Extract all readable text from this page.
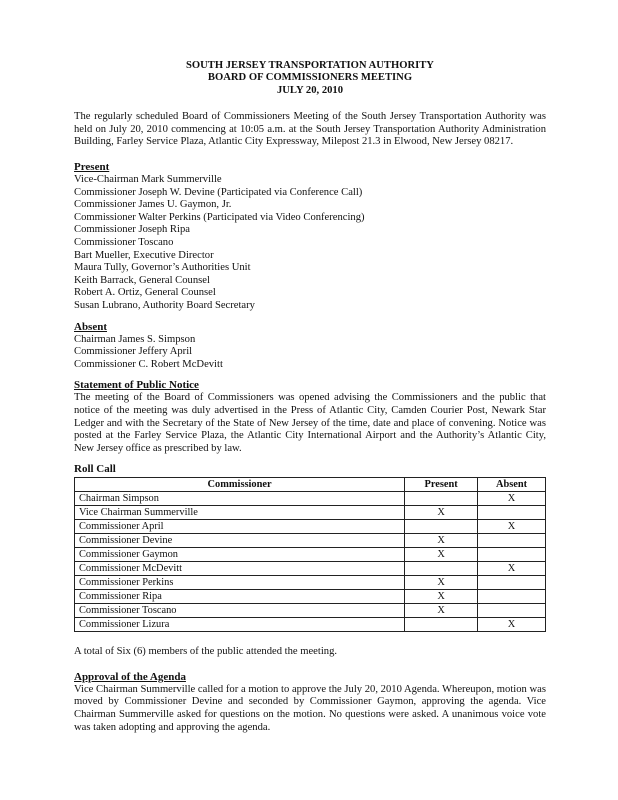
SOUTH JERSEY TRANSPORTATION AUTHORITY
BOARD OF COMMISSIONERS MEETING
JULY 20, 2010

The regularly scheduled Board of Commissioners Meeting of the South Jersey Transportation Authority was held on July 20, 2010 commencing at 10:05 a.m. at the South Jersey Transportation Authority Administration Building, Farley Service Plaza, Atlantic City Expressway, Milepost 21.3 in Elwood, New Jersey 08217.

Present
Vice-Chairman Mark Summerville
Commissioner Joseph W. Devine (Participated via Conference Call)
Commissioner James U. Gaymon, Jr.
Commissioner Walter Perkins (Participated via Video Conferencing)
Commissioner Joseph Ripa
Commissioner Toscano
Bart Mueller, Executive Director
Maura Tully, Governor’s Authorities Unit
Keith Barrack, General Counsel
Robert A. Ortiz, General Counsel
Susan Lubrano, Authority Board Secretary
Absent
Chairman James S. Simpson
Commissioner Jeffery April
Commissioner C. Robert McDevitt
Statement of Public Notice

The meeting of the Board of Commissioners was opened advising the Commissioners and the public that notice of the meeting was duly advertised in the Press of Atlantic City, Camden Courier Post, Newark Star Ledger and with the Secretary of the State of New Jersey of the time, date and place of convening. Notice was posted at the Farley Service Plaza, the Atlantic City International Airport and the Authority’s Atlantic City, New Jersey office as prescribed by law.

Roll Call
Commissioner	Present	Absent
Chairman Simpson		X
Vice Chairman Summerville	X	
Commissioner April		X
Commissioner Devine	X	
Commissioner Gaymon	X	
Commissioner McDevitt		X
Commissioner Perkins	X	
Commissioner Ripa	X	
Commissioner Toscano	X	
Commissioner Lizura		X

A total of Six (6) members of the public attended the meeting.

Approval of the Agenda

Vice Chairman Summerville called for a motion to approve the July 20, 2010 Agenda. Whereupon, motion was moved by Commissioner Devine and seconded by Commissioner Gaymon, approving the agenda. Vice Chairman Summerville asked for questions on the motion. No questions were asked. A unanimous voice vote was taken adopting and approving the agenda.
